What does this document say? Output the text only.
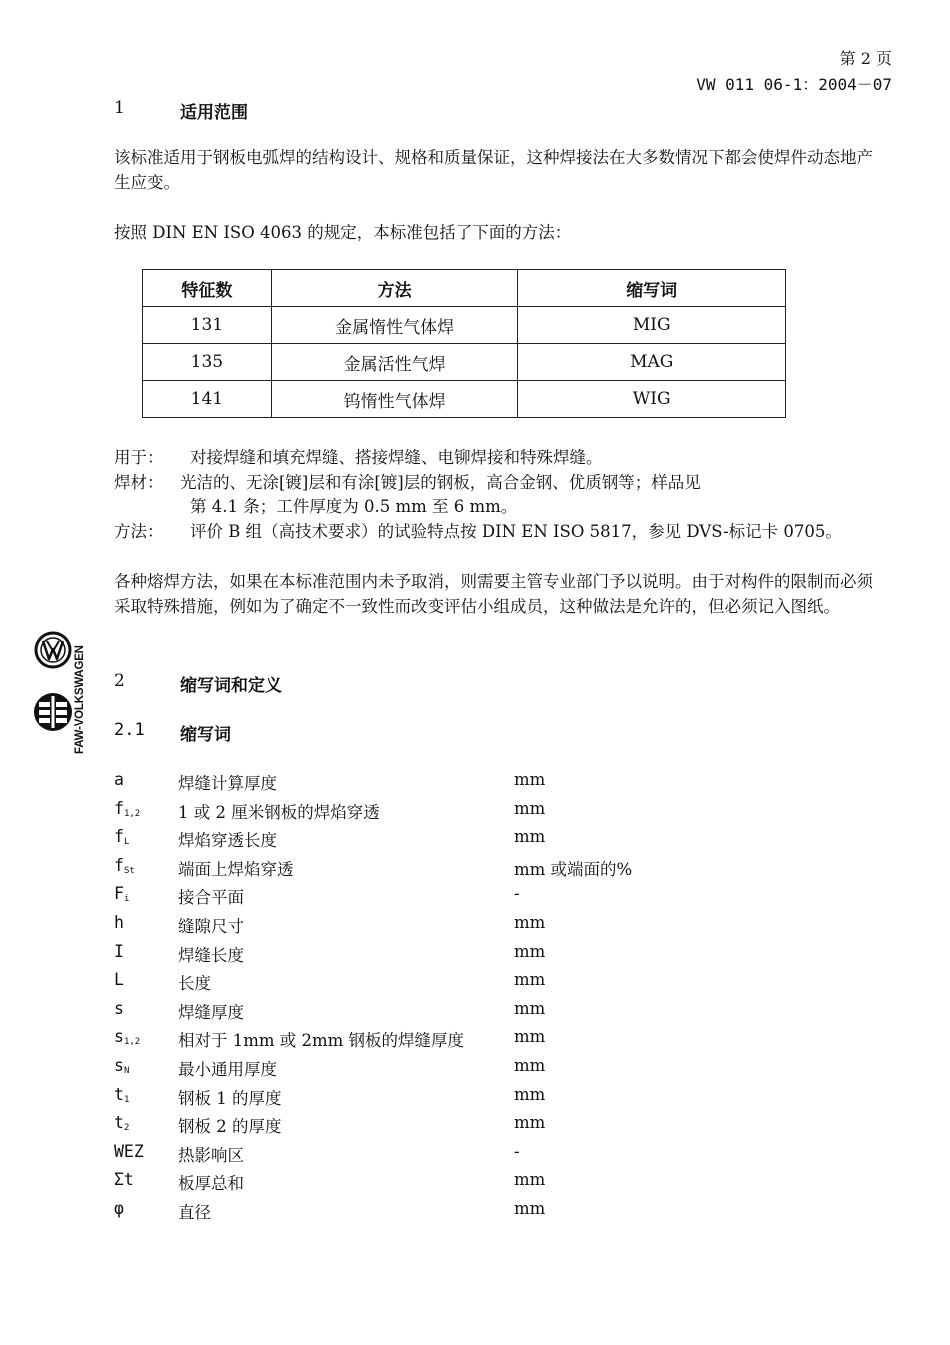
第 2 页
VW 011 06-1：2004－07
1	适用范围

该标准适用于钢板电弧焊的结构设计、规格和质量保证，这种焊接法在大多数情况下都会使焊件动态地产生应变。

按照 DIN EN ISO 4063 的规定，本标准包括了下面的方法：

特征数	方法	缩写词
131	金属惰性气体焊	MIG
135	金属活性气焊	MAG
141	钨惰性气体焊	WIG
用于： 对接焊缝和填充焊缝、搭接焊缝、电铆焊接和特殊焊缝。
焊材： 光洁的、无涂[镀]层和有涂[镀]层的钢板，高合金钢、优质钢等；样品见
第 4.1 条；工件厚度为 0.5 mm 至 6 mm。
方法： 评价 B 组（高技术要求）的试验特点按 DIN EN ISO 5817，参见 DVS-标记卡 0705。

各种熔焊方法，如果在本标准范围内未予取消，则需要主管专业部门予以说明。由于对构件的限制而必须采取特殊措施，例如为了确定不一致性而改变评估小组成员，这种做法是允许的，但必须记入图纸。

FAW-VOLKSWAGEN 2	缩写词和定义
2.1 缩写词
a	焊缝计算厚度	mm
$f_{1,2}$ 1 或 2 厘米钢板的焊焰穿透	mm
$f_L$	焊焰穿透长度	mm
$f_{St}$	端面上焊焰穿透	mm 或端面的%
$F_i$	接合平面	-
h	缝隙尺寸	mm
I	焊缝长度	mm
L	长度	mm
s	焊缝厚度	mm
$s_{1,2}$ 相对于 1mm 或 2mm 钢板的焊缝厚度	mm
$s_N$	最小通用厚度	mm
$t_1$	钢板 1 的厚度	mm
$t_2$	钢板 2 的厚度	mm
WEZ 热影响区	-
Σt	板厚总和	mm
φ	直径	mm
